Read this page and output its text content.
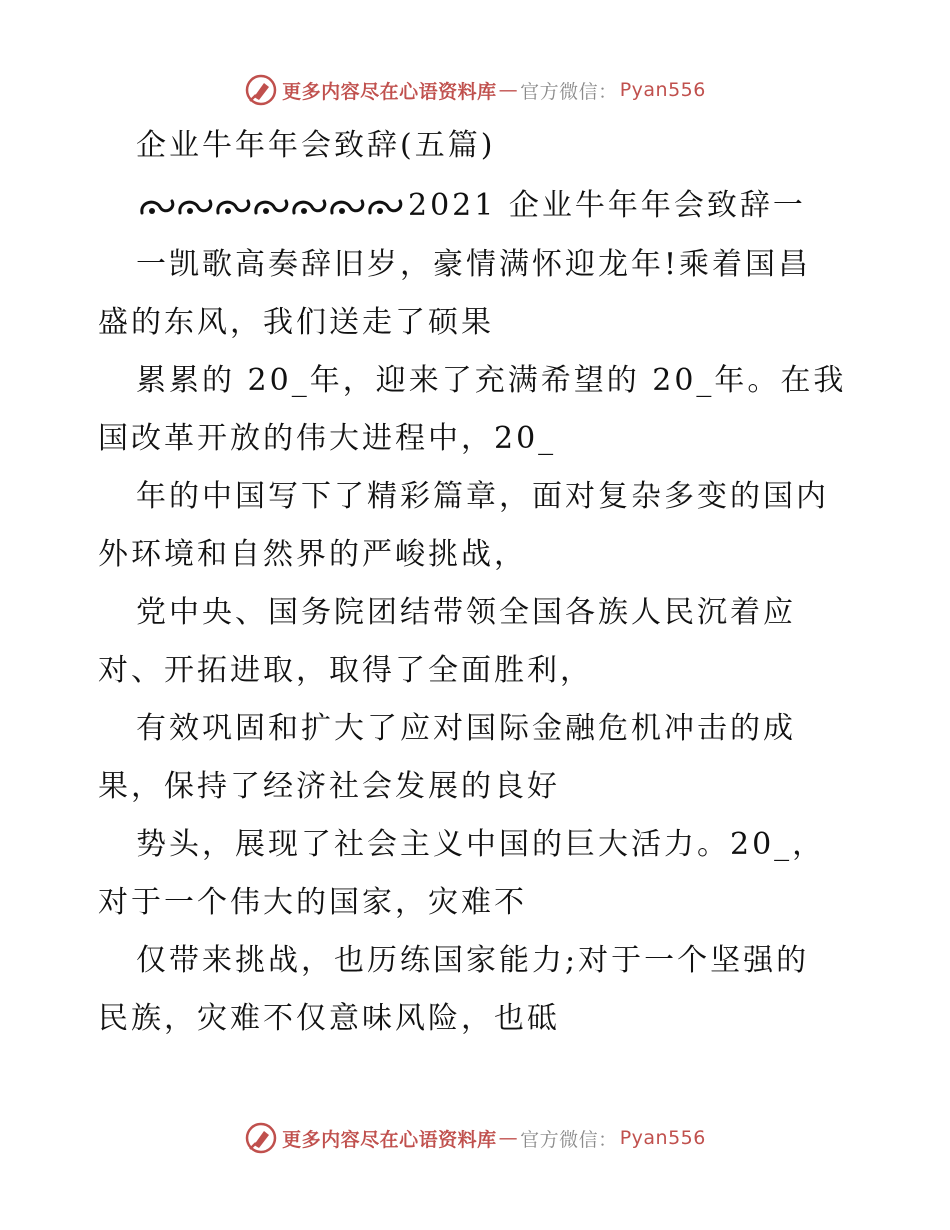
更多内容尽在心语资料库 — 官方微信： Pyan556
企业牛年年会致辞(五篇)
2021 企业牛年年会致辞一
一凯歌高奏辞旧岁，豪情满怀迎龙年!乘着国昌
盛的东风，我们送走了硕果
累累的 20_年，迎来了充满希望的 20_年。在我
国改革开放的伟大进程中，20_
年的中国写下了精彩篇章，面对复杂多变的国内
外环境和自然界的严峻挑战，
党中央、国务院团结带领全国各族人民沉着应
对、开拓进取，取得了全面胜利，
有效巩固和扩大了应对国际金融危机冲击的成
果，保持了经济社会发展的良好
势头，展现了社会主义中国的巨大活力。20_，
对于一个伟大的国家，灾难不
仅带来挑战，也历练国家能力;对于一个坚强的
民族，灾难不仅意味风险，也砥
更多内容尽在心语资料库 — 官方微信： Pyan556
